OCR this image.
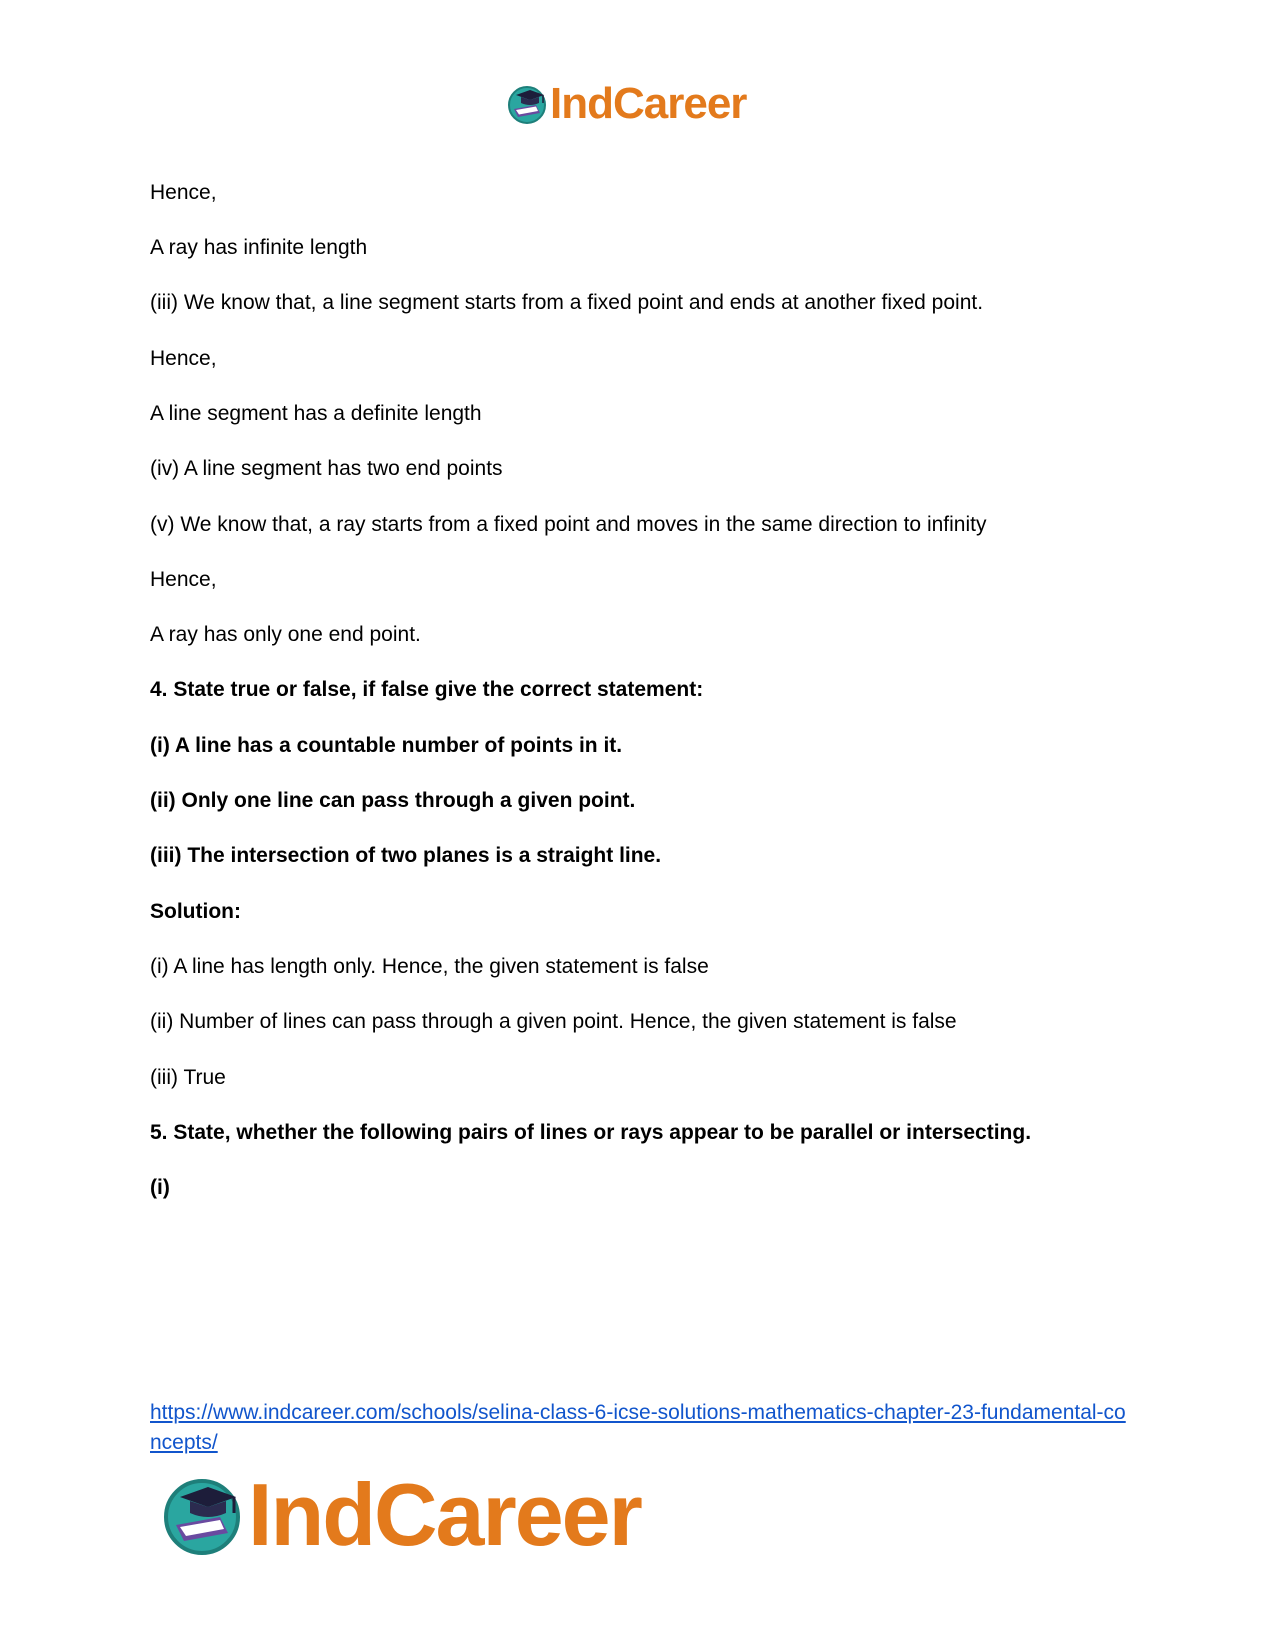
IndCareer
Hence,
A ray has infinite length
(iii) We know that, a line segment starts from a fixed point and ends at another fixed point.
Hence,
A line segment has a definite length
(iv) A line segment has two end points
(v) We know that, a ray starts from a fixed point and moves in the same direction to infinity
Hence,
A ray has only one end point.
4. State true or false, if false give the correct statement:
(i) A line has a countable number of points in it.
(ii) Only one line can pass through a given point.
(iii) The intersection of two planes is a straight line.
Solution:
(i) A line has length only. Hence, the given statement is false
(ii) Number of lines can pass through a given point. Hence, the given statement is false
(iii) True
5. State, whether the following pairs of lines or rays appear to be parallel or intersecting.
(i)
https://www.indcareer.com/schools/selina-class-6-icse-solutions-mathematics-chapter-23-fundamental-concepts/
IndCareer
